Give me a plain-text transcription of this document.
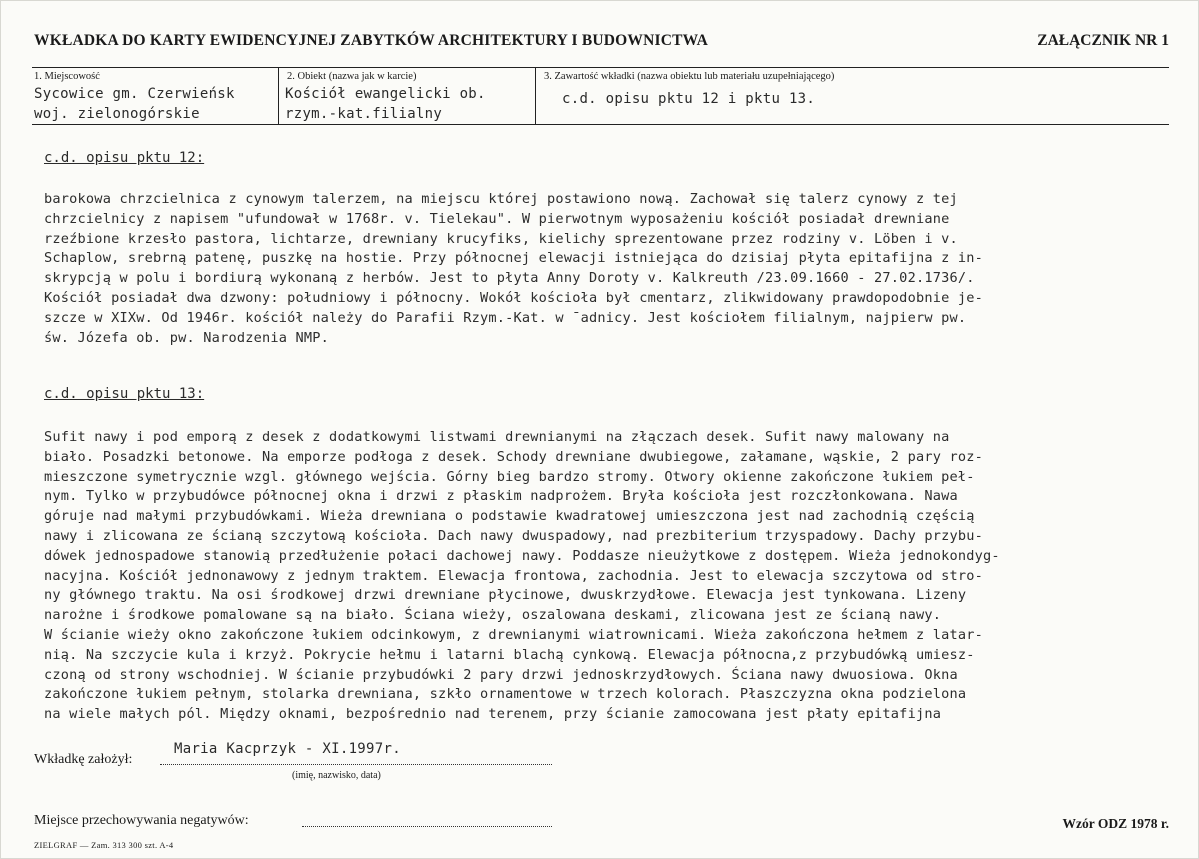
WKŁADKA DO KARTY EWIDENCYJNEJ ZABYTKÓW ARCHITEKTURY I BUDOWNICTWA	ZAŁĄCZNIK NR 1
1. Miejscowość
Sycowice gm. Czerwieńsk
woj. zielonogórskie
2. Obiekt (nazwa jak w karcie)
Kościół ewangelicki ob.
rzym.-kat.filialny
3. Zawartość wkładki (nazwa obiektu lub materiału uzupełniającego)
c.d. opisu pktu 12 i pktu 13.
c.d. opisu pktu 12:
barokowa chrzcielnica z cynowym talerzem, na miejscu której postawiono nową. Zachował się talerz cynowy z tej
chrzcielnicy z napisem "ufundował w 1768r. v. Tielekau". W pierwotnym wyposażeniu kościół posiadał drewniane
rzeźbione krzesło pastora, lichtarze, drewniany krucyfiks, kielichy sprezentowane przez rodziny v. Löben i v.
Schaplow, srebrną patenę, puszkę na hostie. Przy północnej elewacji istniejąca do dzisiaj płyta epitafijna z in-
skrypcją w polu i bordiurą wykonaną z herbów. Jest to płyta Anny Doroty v. Kalkreuth /23.09.1660 - 27.02.1736/.
Kościół posiadał dwa dzwony: południowy i północny. Wokół kościoła był cmentarz, zlikwidowany prawdopodobnie je-
szcze w XIXw. Od 1946r. kościół należy do Parafii Rzym.-Kat. w ˉadnicy. Jest kościołem filialnym, najpierw pw.
św. Józefa ob. pw. Narodzenia NMP.
c.d. opisu pktu 13:
Sufit nawy i pod emporą z desek z dodatkowymi listwami drewnianymi na złączach desek. Sufit nawy malowany na
biało. Posadzki betonowe. Na emporze podłoga z desek. Schody drewniane dwubiegowe, załamane, wąskie, 2 pary roz-
mieszczone symetrycznie wzgl. głównego wejścia. Górny bieg bardzo stromy. Otwory okienne zakończone łukiem peł-
nym. Tylko w przybudówce północnej okna i drzwi z płaskim nadprożem. Bryła kościoła jest rozczłonkowana. Nawa
góruje nad małymi przybudówkami. Wieża drewniana o podstawie kwadratowej umieszczona jest nad zachodnią częścią
nawy i zlicowana ze ścianą szczytową kościoła. Dach nawy dwuspadowy, nad prezbiterium trzyspadowy. Dachy przybu-
dówek jednospadowe stanowią przedłużenie połaci dachowej nawy. Poddasze nieużytkowe z dostępem. Wieża jednokondyg-
nacyjna. Kościół jednonawowy z jednym traktem. Elewacja frontowa, zachodnia. Jest to elewacja szczytowa od stro-
ny głównego traktu. Na osi środkowej drzwi drewniane płycinowe, dwuskrzydłowe. Elewacja jest tynkowana. Lizeny
narożne i środkowe pomalowane są na biało. Ściana wieży, oszalowana deskami, zlicowana jest ze ścianą nawy.
W ścianie wieży okno zakończone łukiem odcinkowym, z drewnianymi wiatrownicami. Wieża zakończona hełmem z latar-
nią. Na szczycie kula i krzyż. Pokrycie hełmu i latarni blachą cynkową. Elewacja północna,z przybudówką umiesz-
czoną od strony wschodniej. W ścianie przybudówki 2 pary drzwi jednoskrzydłowych. Ściana nawy dwuosiowa. Okna
zakończone łukiem pełnym, stolarka drewniana, szkło ornamentowe w trzech kolorach. Płaszczyzna okna podzielona
na wiele małych pól. Między oknami, bezpośrednio nad terenem, przy ścianie zamocowana jest płaty epitafijna
Wkładkę założył:
Maria Kacprzyk - XI.1997r.
(imię, nazwisko, data)
Miejsce przechowywania negatywów:	Wzór ODZ 1978 r.
ZIELGRAF — Zam. 313 300 szt. A-4
